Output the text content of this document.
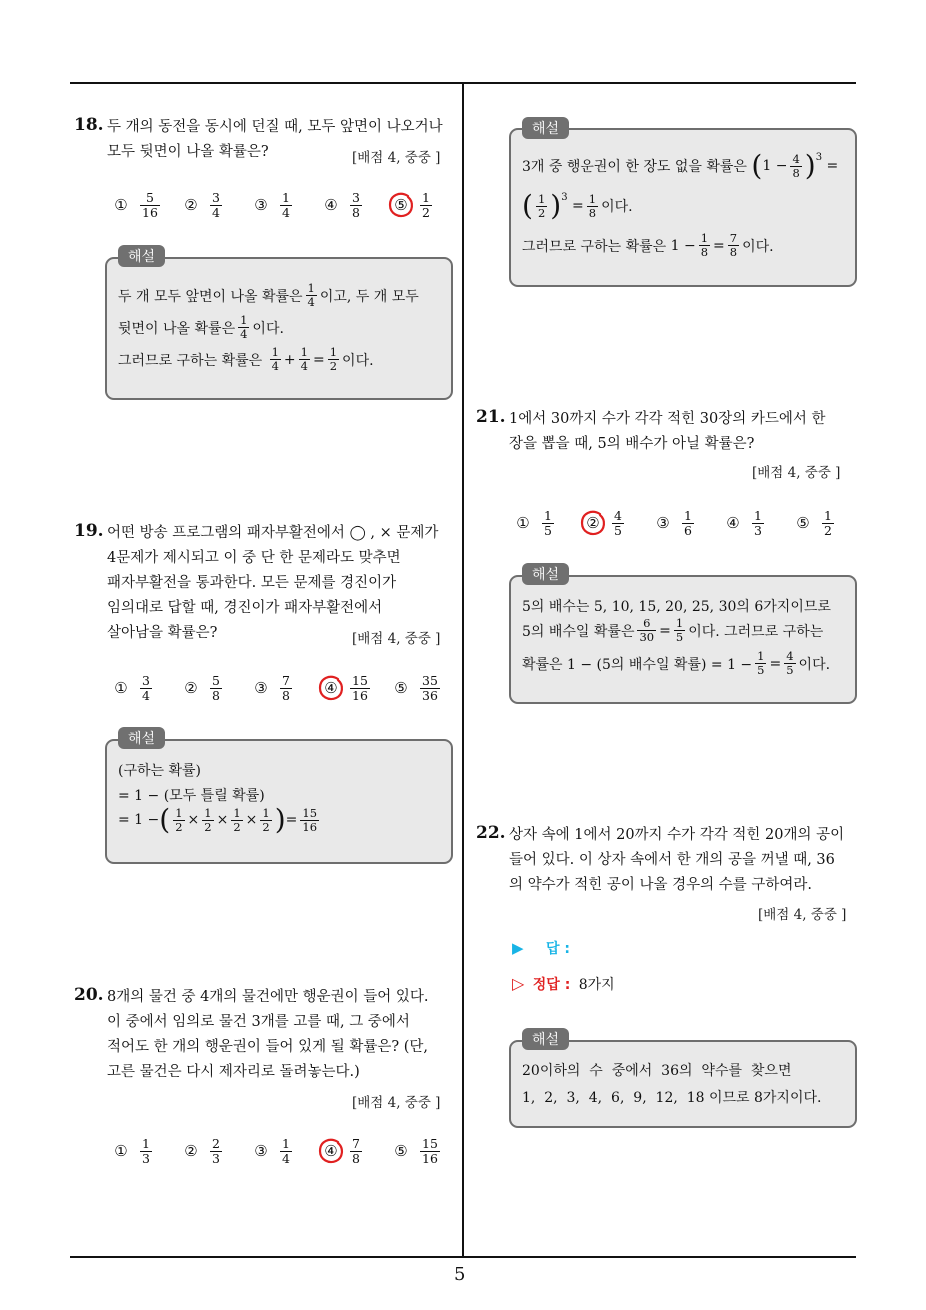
5
18. 두 개의 동전을 동시에 던질 때, 모두 앞면이 나오거나
모두 뒷면이 나올 확률은?	[배점 4, 중중 ]
① $\frac{5}{16}$ ② $\frac{3}{4}$ ③ $\frac{1}{4}$ ④ $\frac{3}{8}$ ⑤ $\frac{1}{2}$
해설
두 개 모두 앞면이 나올 확률은
1
4 이고, 두 개 모두
뒷면이 나올 확률은
1
4 이다.
그러므로 구하는 확률은

1
$4 + \frac{1}{4} = \frac{1}{2}$ 이다.
19. 어떤 방송 프로그램의 패자부활전에서 ◯ , × 문제가
4문제가 제시되고 이 중 단 한 문제라도 맞추면
패자부활전을 통과한다. 모든 문제를 경진이가
임의대로 답할 때, 경진이가 패자부활전에서
살아남을 확률은?	[배점 4, 중중 ]
① $\frac{3}{4}$ ② $\frac{5}{8}$ ③ $\frac{7}{8}$ ④ $\frac{15}{16}$ ⑤ $\frac{35}{36}$
해설
(구하는 확률)
= 1 − (모두 틀릴 확률)
= 1 − ( $\frac{1}{2} \times \frac{1}{2} \times \frac{1}{2} \times \frac{1}{2}$ ) = $\frac{15}{16}$
20. 8개의 물건 중 4개의 물건에만 행운권이 들어 있다.
이 중에서 임의로 물건 3개를 고를 때, 그 중에서
적어도 한 개의 행운권이 들어 있게 될 확률은? (단,
고른 물건은 다시 제자리로 돌려놓는다.)
[배점 4, 중중 ]
① $\frac{1}{3}$ ② $\frac{2}{3}$ ③ $\frac{1}{4}$ ④ $\frac{7}{8}$ ⑤ $\frac{15}{16}$
해설
3개 중 행운권이 한 장도 없을 확률은
( $1 - \frac{4}{8} )^3$

=
( 1
2 )$^3$

= $\frac{1}{8}$ 이다.
그러므로 구하는 확률은
$1 - \frac{1}{8} = \frac{7}{8}$ 이다.
21. 1에서 30까지 수가 각각 적힌 30장의 카드에서 한
장을 뽑을 때, 5의 배수가 아닐 확률은?
[배점 4, 중중 ]
① $\frac{1}{5}$ ② $\frac{4}{5}$ ③ $\frac{1}{6}$ ④ $\frac{1}{3}$ ⑤ $\frac{1}{2}$
해설
5의 배수는 5, 10, 15, 20, 25, 30의 6가지이므로
5의 배수일 확률은 $\frac{6}{30} = \frac{1}{5}$ 이다. 그러므로 구하는
확률은 1 − (5의 배수일 확률) = $1 - \frac{1}{5} = \frac{4}{5}$ 이다.
22. 상자 속에 1에서 20까지 수가 각각 적힌 20개의 공이
들어 있다. 이 상자 속에서 한 개의 공을 꺼낼 때, 36
의 약수가 적힌 공이 나올 경우의 수를 구하여라.
[배점 4, 중중 ]
▶ 답 :
▷ 정답 : 8가지
해설
20이하의  수  중에서  36의  약수를  찾으면
1,  2,  3,  4,  6,  9,  12,  18 이므로 8가지이다.
